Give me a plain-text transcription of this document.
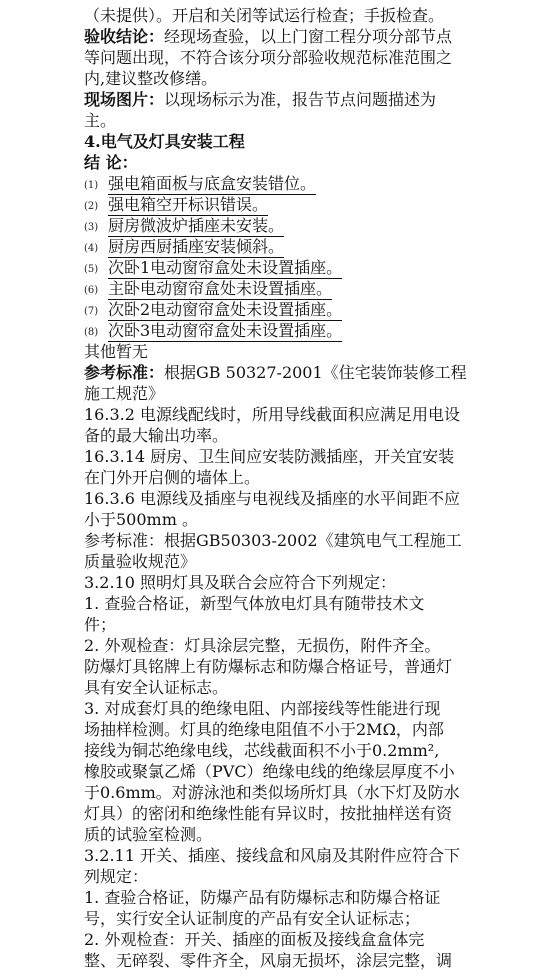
（未提供）。开启和关闭等试运行检查；手扳检查。
验收结论：经现场查验，以上门窗工程分项分部节点
等问题出现，不符合该分项分部验收规范标准范围之
内,建议整改修缮。
现场图片：以现场标示为准，报告节点问题描述为
主。
4.电气及灯具安装工程
结 论：
(1) 强电箱面板与底盒安装错位。
(2) 强电箱空开标识错误。
(3) 厨房微波炉插座未安装。
(4) 厨房西厨插座安装倾斜。
(5) 次卧1电动窗帘盒处未设置插座。
(6) 主卧电动窗帘盒处未设置插座。
(7) 次卧2电动窗帘盒处未设置插座。
(8) 次卧3电动窗帘盒处未设置插座。
其他暂无
参考标准：根据GB 50327-2001《住宅装饰装修工程
施工规范》
16.3.2 电源线配线时，所用导线截面积应满足用电设
备的最大输出功率。
16.3.14 厨房、卫生间应安装防溅插座，开关宜安装
在门外开启侧的墙体上。
16.3.6 电源线及插座与电视线及插座的水平间距不应
小于500mm 。
参考标准：根据GB50303-2002《建筑电气工程施工
质量验收规范》
3.2.10 照明灯具及联合会应符合下列规定：
1. 查验合格证，新型气体放电灯具有随带技术文
件；
2. 外观检查：灯具涂层完整，无损伤，附件齐全。
防爆灯具铭牌上有防爆标志和防爆合格证号，普通灯
具有安全认证标志。
3. 对成套灯具的绝缘电阻、内部接线等性能进行现
场抽样检测。灯具的绝缘电阻值不小于2MΩ，内部
接线为铜芯绝缘电线，芯线截面积不小于0.2mm²,
橡胶或聚氯乙烯（PVC）绝缘电线的绝缘层厚度不小
于0.6mm。对游泳池和类似场所灯具（水下灯及防水
灯具）的密闭和绝缘性能有异议时，按批抽样送有资
质的试验室检测。
3.2.11 开关、插座、接线盒和风扇及其附件应符合下
列规定：
1. 查验合格证，防爆产品有防爆标志和防爆合格证
号，实行安全认证制度的产品有安全认证标志；
2. 外观检查：开关、插座的面板及接线盒盒体完
整、无碎裂、零件齐全，风扇无损坏，涂层完整，调
